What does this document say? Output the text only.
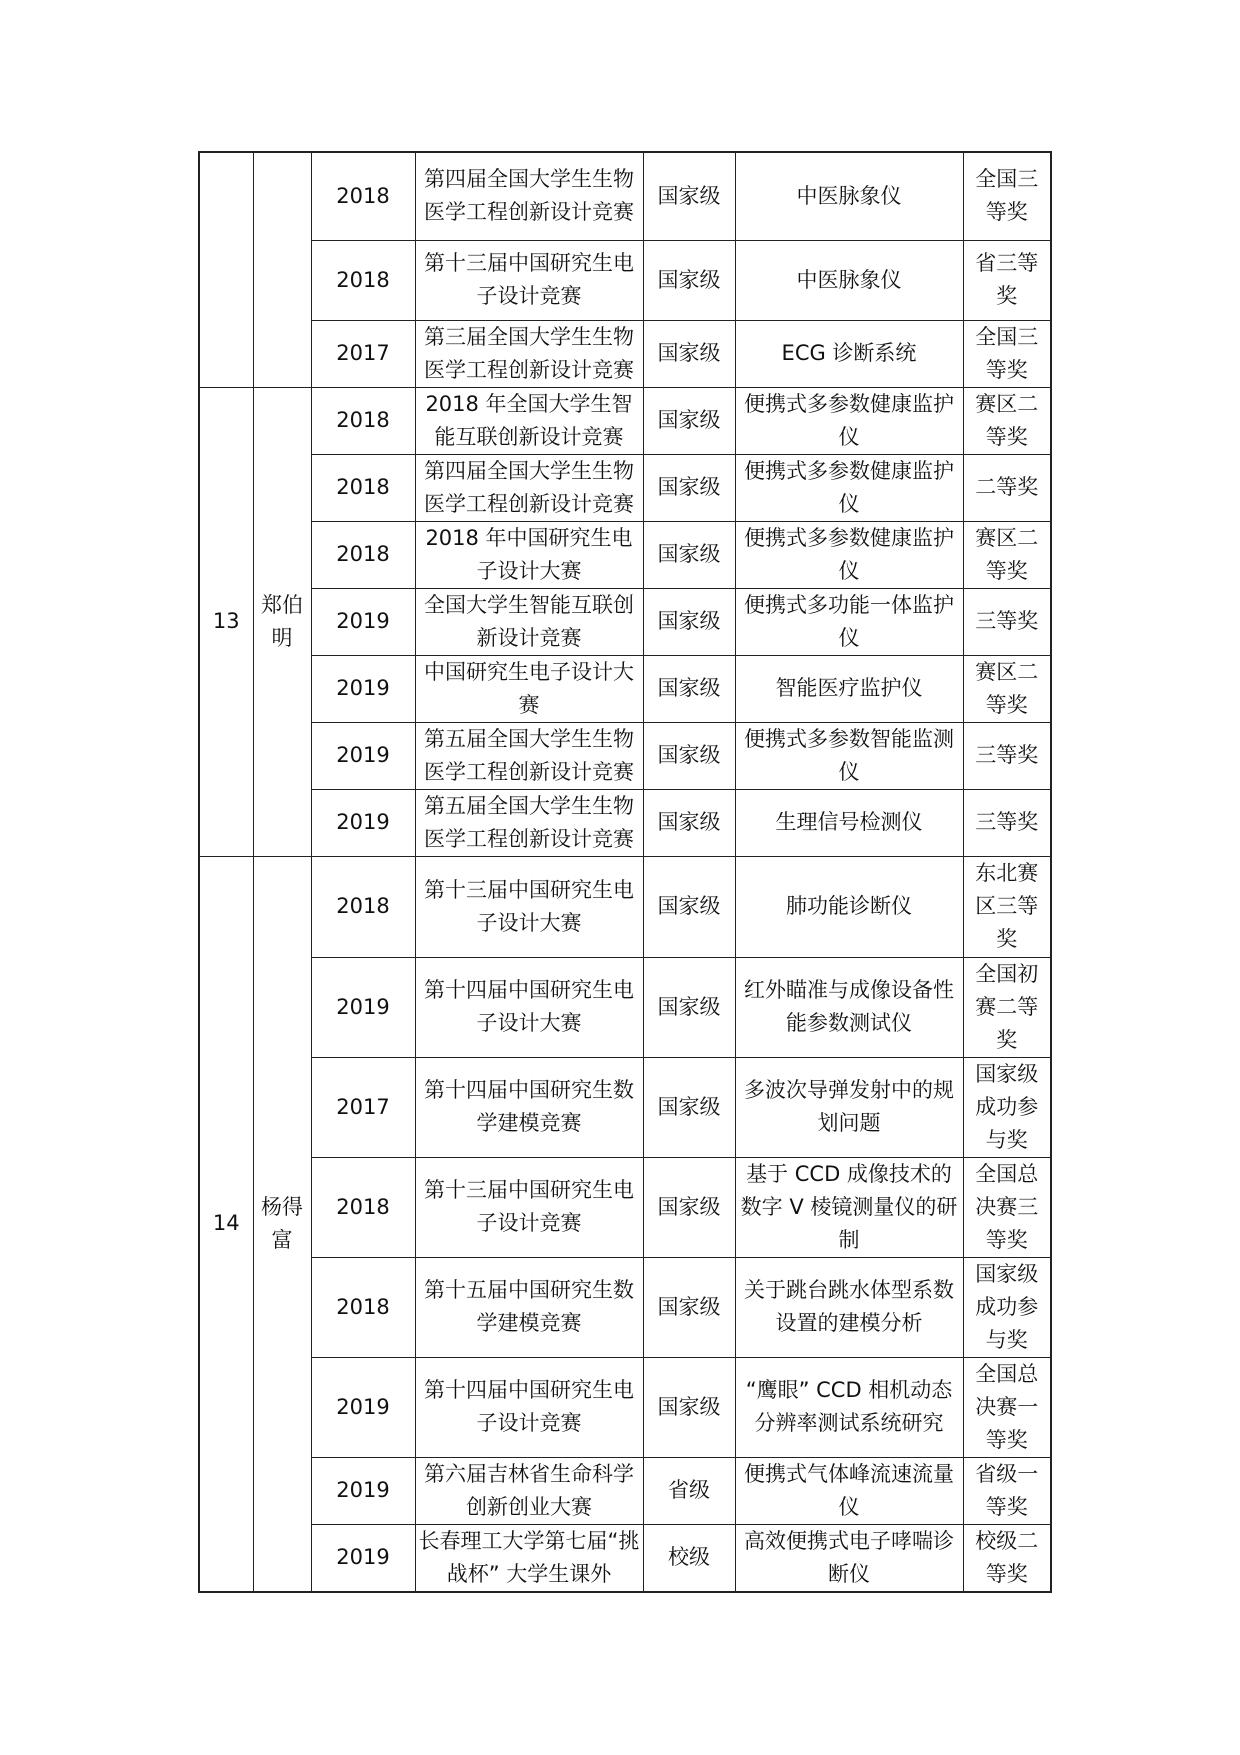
		2018	第四届全国大学生生物医学工程创新设计竞赛	国家级	中医脉象仪	全国三等奖
		2018	第十三届中国研究生电子设计竞赛	国家级	中医脉象仪	省三等奖
		2017	第三届全国大学生生物医学工程创新设计竞赛	国家级	ECG 诊断系统	全国三等奖
13	郑伯明	2018	2018 年全国大学生智能互联创新设计竞赛	国家级	便携式多参数健康监护仪	赛区二等奖
		2018	第四届全国大学生生物医学工程创新设计竞赛	国家级	便携式多参数健康监护仪	二等奖
		2018	2018 年中国研究生电子设计大赛	国家级	便携式多参数健康监护仪	赛区二等奖
		2019	全国大学生智能互联创新设计竞赛	国家级	便携式多功能一体监护仪	三等奖
		2019	中国研究生电子设计大赛	国家级	智能医疗监护仪	赛区二等奖
		2019	第五届全国大学生生物医学工程创新设计竞赛	国家级	便携式多参数智能监测仪	三等奖
		2019	第五届全国大学生生物医学工程创新设计竞赛	国家级	生理信号检测仪	三等奖
14	杨得富	2018	第十三届中国研究生电子设计大赛	国家级	肺功能诊断仪	东北赛区三等奖
		2019	第十四届中国研究生电子设计大赛	国家级	红外瞄准与成像设备性能参数测试仪	全国初赛二等奖
		2017	第十四届中国研究生数学建模竞赛	国家级	多波次导弹发射中的规划问题	国家级成功参与奖
		2018	第十三届中国研究生电子设计竞赛	国家级	基于 CCD 成像技术的数字 V 棱镜测量仪的研制	全国总决赛三等奖
		2018	第十五届中国研究生数学建模竞赛	国家级	关于跳台跳水体型系数设置的建模分析	国家级成功参与奖
		2019	第十四届中国研究生电子设计竞赛	国家级	“鹰眼” CCD 相机动态分辨率测试系统研究	全国总决赛一等奖
		2019	第六届吉林省生命科学创新创业大赛	省级	便携式气体峰流速流量仪	省级一等奖
		2019	长春理工大学第七届“挑战杯” 大学生课外	校级	高效便携式电子哮喘诊断仪	校级二等奖
